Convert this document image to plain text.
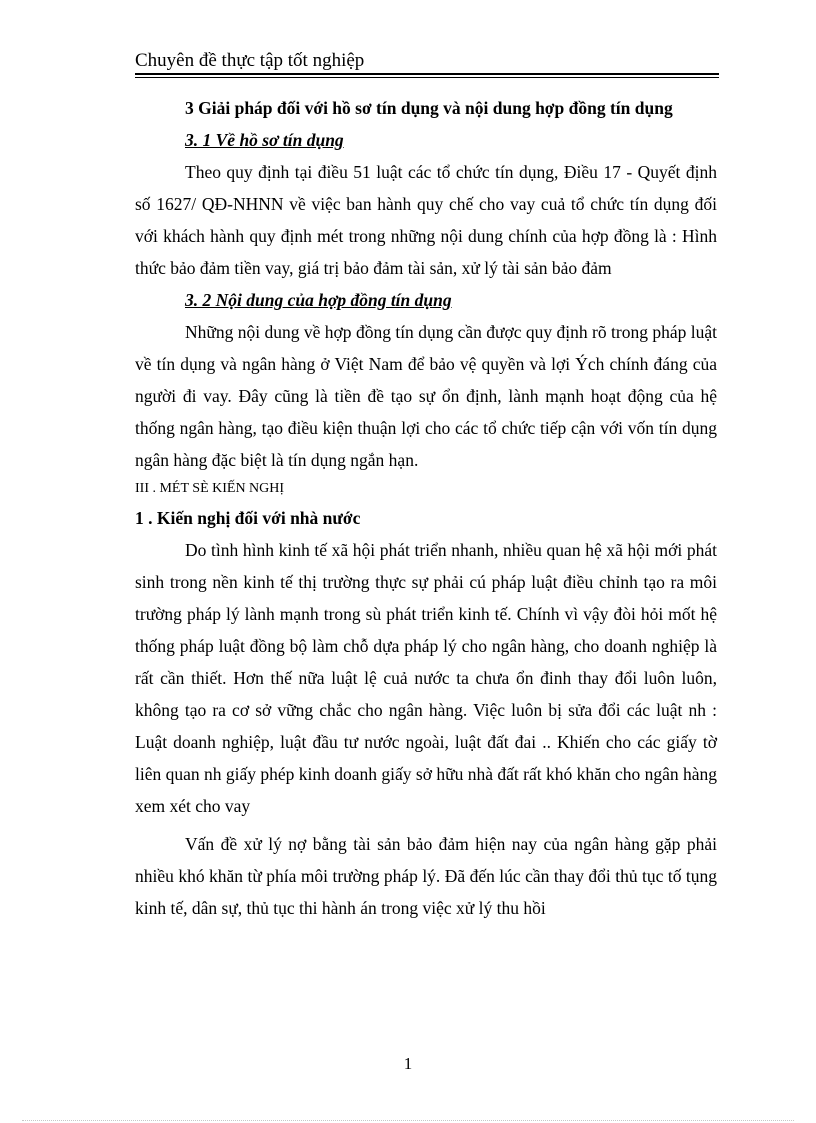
Chuyên đề thực tập tốt nghiệp

3 Giải pháp đối với hồ sơ tín dụng và nội dung hợp đồng tín dụng

3. 1 Về hồ sơ tín dụng

Theo quy định tại điều 51 luật các tổ chức tín dụng, Điều 17 - Quyết định số 1627/ QĐ-NHNN về việc ban hành quy chế cho vay cuả tổ chức tín dụng đối với khách hành quy định mét trong những nội dung chính của hợp đồng là : Hình thức bảo đảm tiền vay, giá trị bảo đảm tài sản, xử lý tài sản bảo đảm

3. 2 Nội dung của hợp đồng tín dụng

Những nội dung về hợp đồng tín dụng cần được quy định rõ trong pháp luật về tín dụng và ngân hàng ở Việt Nam để bảo vệ quyền và lợi Ých chính đáng của người đi vay. Đây cũng là tiền đề tạo sự ổn định, lành mạnh hoạt động của hệ thống ngân hàng, tạo điều kiện thuận lợi cho các tổ chức tiếp cận với vốn tín dụng ngân hàng đặc biệt là tín dụng ngắn hạn.

III . MÉT SÈ KIẾN NGHỊ

1 . Kiến nghị đối với nhà nước

Do tình hình kinh tế xã hội phát triển nhanh, nhiều quan hệ xã hội mới phát sinh trong nền kinh tế thị trường thực sự phải cú pháp luật điều chỉnh tạo ra môi trường pháp lý lành mạnh trong sù phát triển kinh tế. Chính vì vậy đòi hỏi mốt hệ thống pháp luật đồng bộ làm chỗ dựa pháp lý cho ngân hàng, cho doanh nghiệp là rất cần thiết. Hơn thế nữa luật lệ cuả nước ta chưa ổn đinh thay đổi luôn luôn, không tạo ra cơ sở vững chắc cho ngân hàng. Việc luôn bị sửa đổi các luật nh : Luật doanh nghiệp, luật đầu tư nước ngoài, luật đất đai .. Khiến cho các giấy tờ liên quan nh giấy phép kinh doanh giấy sở hữu nhà đất rất khó khăn cho ngân hàng xem xét cho vay

Vấn đề xử lý nợ bằng tài sản bảo đảm hiện nay của ngân hàng gặp phải nhiều khó khăn từ phía môi trường pháp lý. Đã đến lúc cần thay đổi thủ tục tố tụng kinh tế, dân sự, thủ tục thi hành án trong việc xử lý thu hồi

1
